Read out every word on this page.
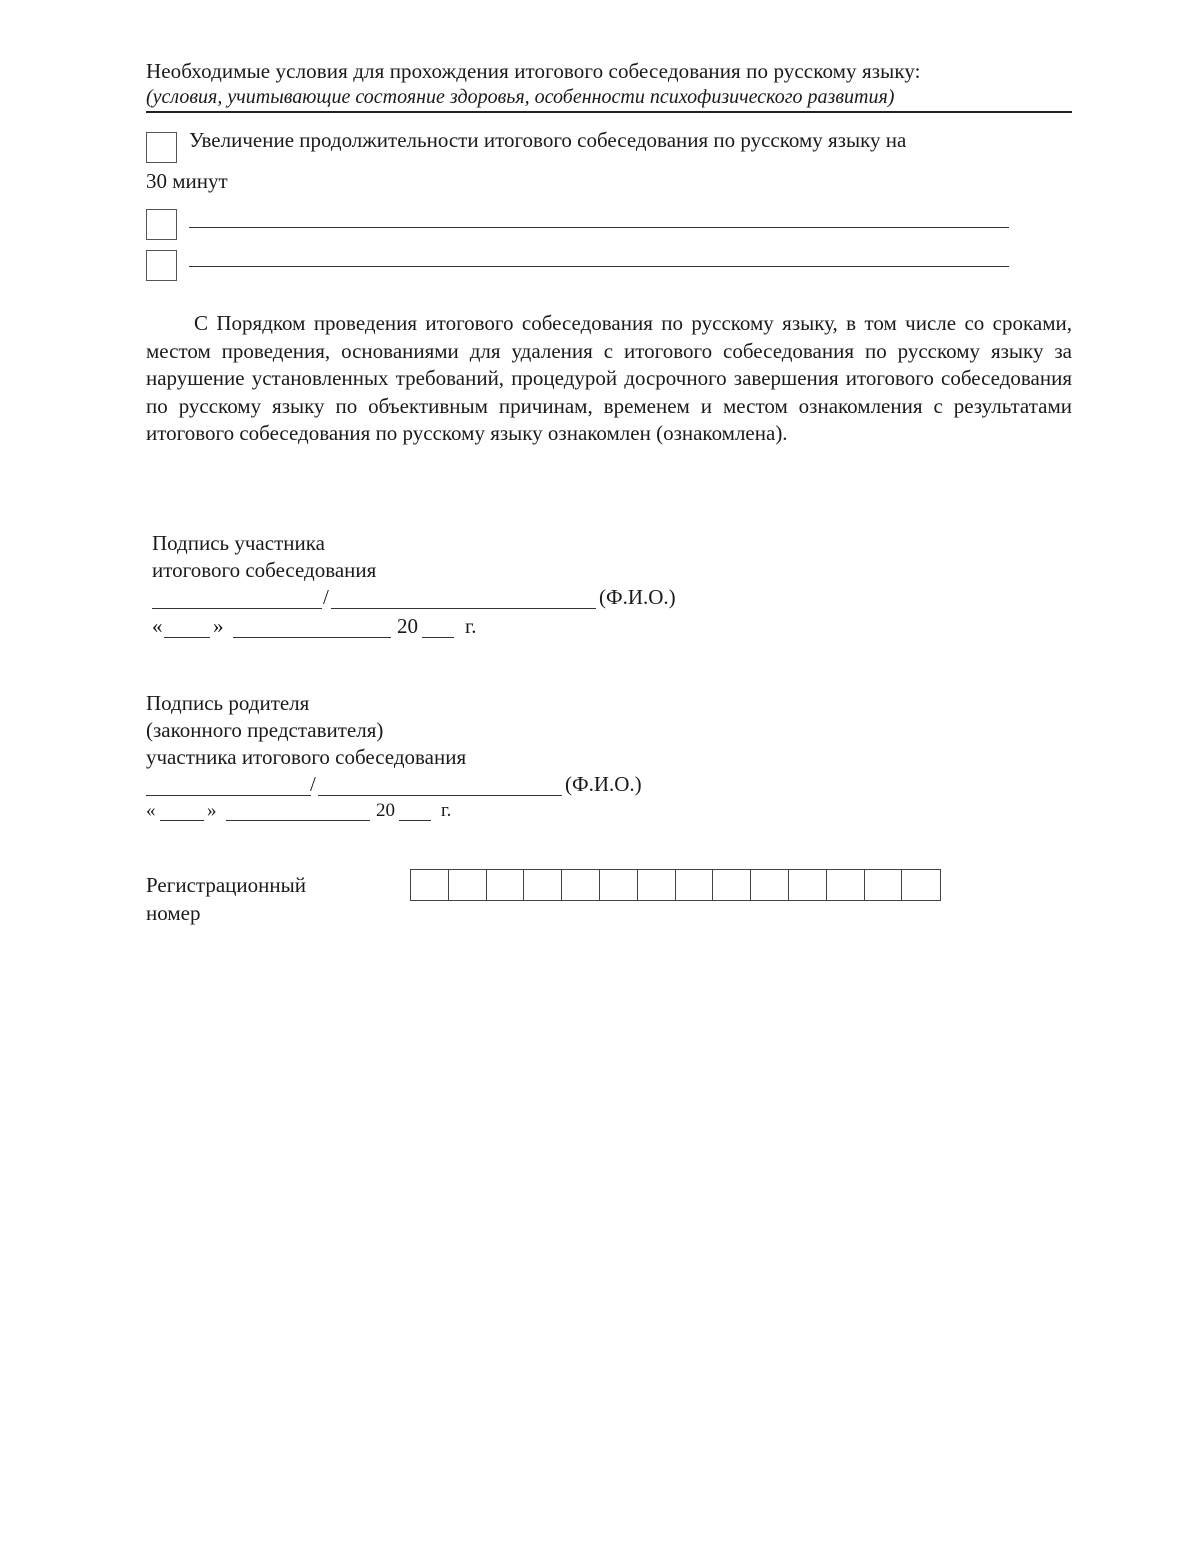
Необходимые условия для прохождения итогового собеседования по русскому языку:
(условия, учитывающие состояние здоровья, особенности психофизического развития)
Увеличение продолжительности итогового собеседования по русскому языку на
30 минут
С Порядком проведения итогового собеседования по русскому языку, в том числе со сроками, местом проведения, основаниями для удаления с итогового собеседования по русскому языку за нарушение установленных требований, процедурой досрочного завершения итогового собеседования по русскому языку по объективным причинам, временем и местом ознакомления с результатами итогового собеседования по русскому языку ознакомлен (ознакомлена).
Подпись участника
итогового собеседования
/	(Ф.И.О.)
« »	20 г.
Подпись родителя
(законного представителя)
участника итогового собеседования
/	(Ф.И.О.)
«	»	20 г.
Регистрационный
номер
